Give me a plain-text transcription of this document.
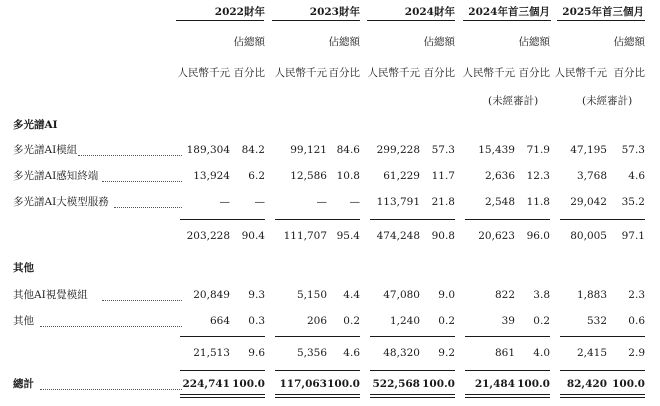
2022財年	2023財年	2024財年	2024年首三個月 2025年首三個月
佔總額	佔總額	佔總額	佔總額	佔總額
人民幣千元 百分比 人民幣千元 百分比 人民幣千元 百分比 人民幣千元 百分比 人民幣千元 百分比
(未經審計)	(未經審計)
多光譜AI
多光譜AI模組	189,304	84.2	99,121 84.6	299,228	57.3	15,439	71.9	47,195	57.3
多光譜AI感知終端	13,924	6.2	12,586 10.8	61,229	11.7	2,636	12.3	3,768	4.6
多光譜AI大模型服務	—	—	—	—	113,791	21.8	2,548	11.8	29,042	35.2
203,228	90.4	111,707 95.4	474,248	90.8	20,623	96.0	80,005	97.1
其他
其他AI視覺模組	20,849	9.3	5,150	4.4	47,080	9.0	822	3.8	1,883	2.3
其他	664	0.3	206	0.2	1,240	0.2	39	0.2	532	0.6
21,513	9.6	5,356	4.6	48,320	9.2	861	4.0	2,415	2.9
總計	224,741 100.0	117,063 100.0	522,568 100.0	21,484 100.0	82,420 100.0
